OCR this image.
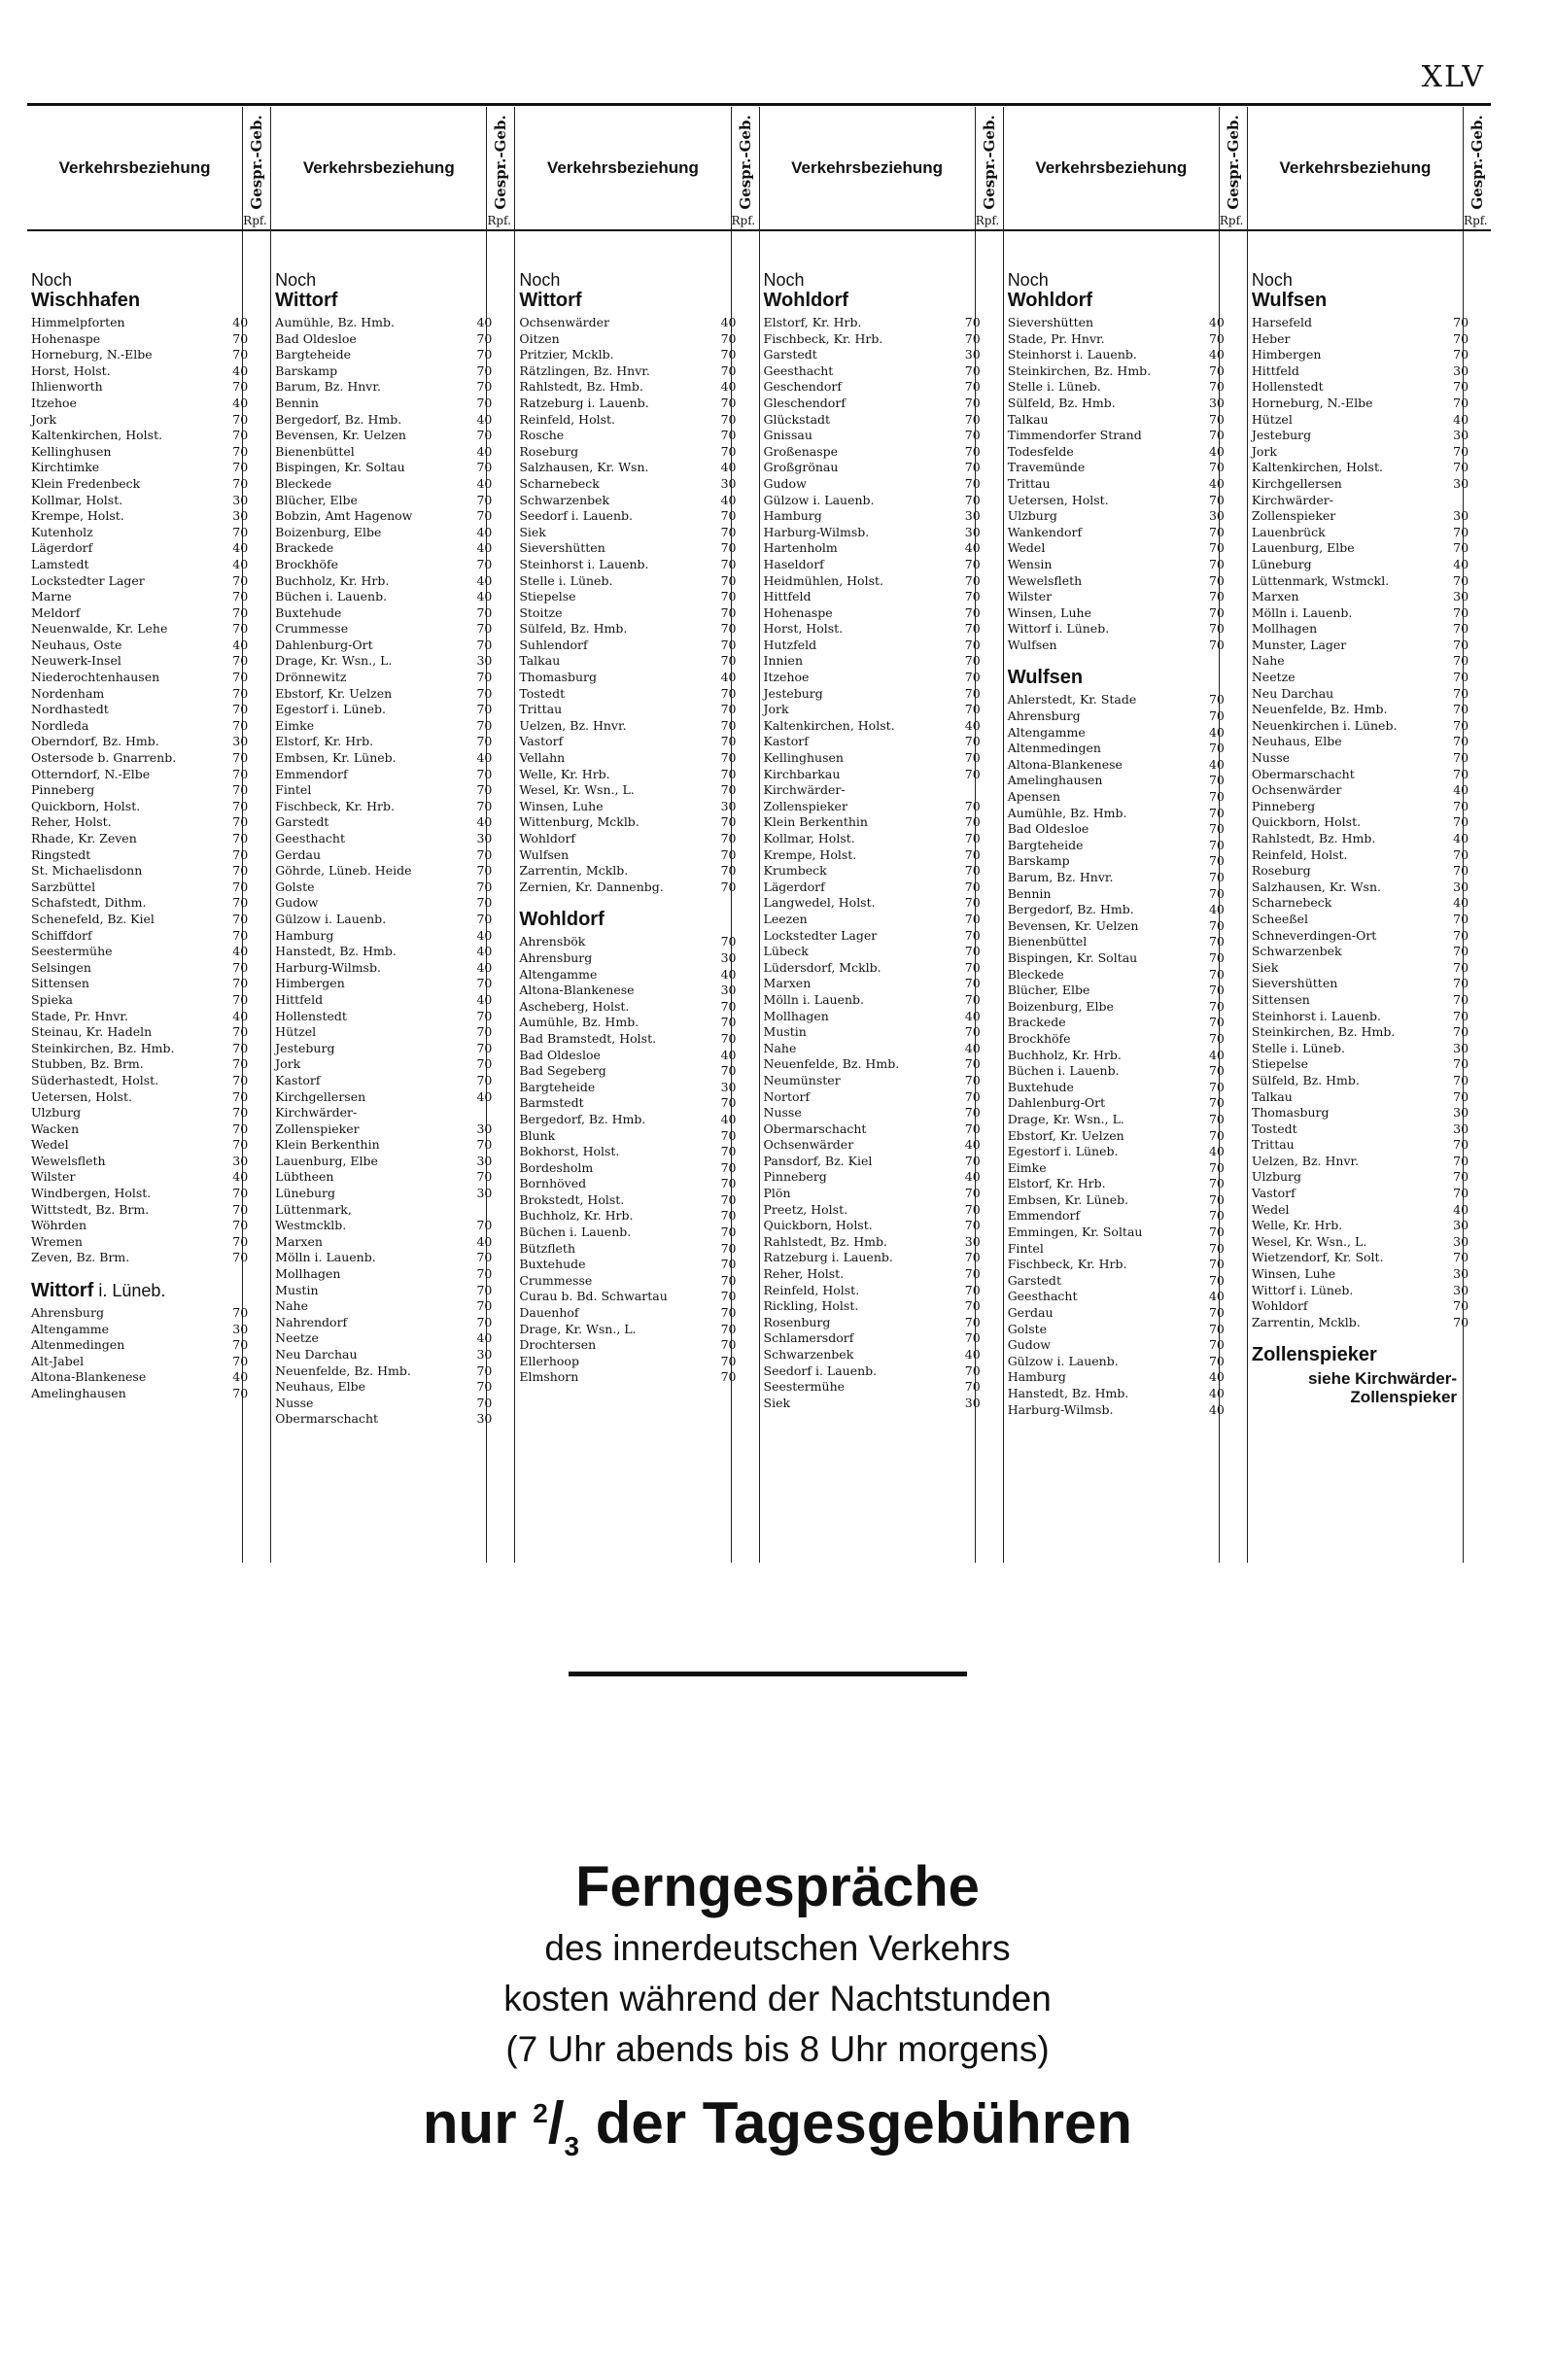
XLV
Verkehrsbeziehung	Gespr.-Geb.
Rpf.
Noch
Wischhafen
Himmelpforten	40
Hohenaspe	70
Horneburg, N.-Elbe	70
Horst, Holst.	40
Ihlienworth	70
Itzehoe	40
Jork	70
Kaltenkirchen, Holst.	70
Kellinghusen	70
Kirchtimke	70
Klein Fredenbeck	70
Kollmar, Holst.	30
Krempe, Holst.	30
Kutenholz	70
Lägerdorf	40
Lamstedt	40
Lockstedter Lager	70
Marne	70
Meldorf	70
Neuenwalde, Kr. Lehe	70
Neuhaus, Oste	40
Neuwerk-Insel	70
Niederochtenhausen	70
Nordenham	70
Nordhastedt	70
Nordleda	70
Oberndorf, Bz. Hmb.	30
Ostersode b. Gnarrenb.	70
Otterndorf, N.-Elbe	70
Pinneberg	70
Quickborn, Holst.	70
Reher, Holst.	70
Rhade, Kr. Zeven	70
Ringstedt	70
St. Michaelisdonn	70
Sarzbüttel	70
Schafstedt, Dithm.	70
Schenefeld, Bz. Kiel	70
Schiffdorf	70
Seestermühe	40
Selsingen	70
Sittensen	70
Spieka	70
Stade, Pr. Hnvr.	40
Steinau, Kr. Hadeln	70
Steinkirchen, Bz. Hmb.	70
Stubben, Bz. Brm.	70
Süderhastedt, Holst.	70
Uetersen, Holst.	70
Ulzburg	70
Wacken	70
Wedel	70
Wewelsfleth	30
Wilster	40
Windbergen, Holst.	70
Wittstedt, Bz. Brm.	70
Wöhrden	70
Wremen	70
Zeven, Bz. Brm.	70
Wittorf i. Lüneb.
Ahrensburg	70
Altengamme	30
Altenmedingen	70
Alt-Jabel	70
Altona-Blankenese	40
Amelinghausen	70
Verkehrsbeziehung	Gespr.-Geb.
Rpf.
Noch
Wittorf
Aumühle, Bz. Hmb.	40
Bad Oldesloe	70
Bargteheide	70
Barskamp	70
Barum, Bz. Hnvr.	70
Bennin	70
Bergedorf, Bz. Hmb.	40
Bevensen, Kr. Uelzen	70
Bienenbüttel	40
Bispingen, Kr. Soltau	70
Bleckede	40
Blücher, Elbe	70
Bobzin, Amt Hagenow	70
Boizenburg, Elbe	40
Brackede	40
Brockhöfe	70
Buchholz, Kr. Hrb.	40
Büchen i. Lauenb.	40
Buxtehude	70
Crummesse	70
Dahlenburg-Ort	70
Drage, Kr. Wsn., L.	30
Drönnewitz	70
Ebstorf, Kr. Uelzen	70
Egestorf i. Lüneb.	70
Eimke	70
Elstorf, Kr. Hrb.	70
Embsen, Kr. Lüneb.	40
Emmendorf	70
Fintel	70
Fischbeck, Kr. Hrb.	70
Garstedt	40
Geesthacht	30
Gerdau	70
Göhrde, Lüneb. Heide	70
Golste	70
Gudow	70
Gülzow i. Lauenb.	70
Hamburg	40
Hanstedt, Bz. Hmb.	40
Harburg-Wilmsb.	40
Himbergen	70
Hittfeld	40
Hollenstedt	70
Hützel	70
Jesteburg	70
Jork	70
Kastorf	70
Kirchgellersen	40
Kirchwärder-
Zollenspieker	30
Klein Berkenthin	70
Lauenburg, Elbe	30
Lübtheen	70
Lüneburg	30
Lüttenmark,
Westmcklb.	70
Marxen	40
Mölln i. Lauenb.	70
Mollhagen	70
Mustin	70
Nahe	70
Nahrendorf	70
Neetze	40
Neu Darchau	30
Neuenfelde, Bz. Hmb.	70
Neuhaus, Elbe	70
Nusse	70
Obermarschacht	30
Verkehrsbeziehung	Gespr.-Geb.
Rpf.
Noch
Wittorf
Ochsenwärder	40
Oitzen	70
Pritzier, Mcklb.	70
Rätzlingen, Bz. Hnvr.	70
Rahlstedt, Bz. Hmb.	40
Ratzeburg i. Lauenb.	70
Reinfeld, Holst.	70
Rosche	70
Roseburg	70
Salzhausen, Kr. Wsn.	40
Scharnebeck	30
Schwarzenbek	40
Seedorf i. Lauenb.	70
Siek	70
Sievershütten	70
Steinhorst i. Lauenb.	70
Stelle i. Lüneb.	70
Stiepelse	70
Stoitze	70
Sülfeld, Bz. Hmb.	70
Suhlendorf	70
Talkau	70
Thomasburg	40
Tostedt	70
Trittau	70
Uelzen, Bz. Hnvr.	70
Vastorf	70
Vellahn	70
Welle, Kr. Hrb.	70
Wesel, Kr. Wsn., L.	70
Winsen, Luhe	30
Wittenburg, Mcklb.	70
Wohldorf	70
Wulfsen	70
Zarrentin, Mcklb.	70
Zernien, Kr. Dannenbg.	70
Wohldorf
Ahrensbök	70
Ahrensburg	30
Altengamme	40
Altona-Blankenese	30
Ascheberg, Holst.	70
Aumühle, Bz. Hmb.	70
Bad Bramstedt, Holst.	70
Bad Oldesloe	40
Bad Segeberg	70
Bargteheide	30
Barmstedt	70
Bergedorf, Bz. Hmb.	40
Blunk	70
Bokhorst, Holst.	70
Bordesholm	70
Bornhöved	70
Brokstedt, Holst.	70
Buchholz, Kr. Hrb.	70
Büchen i. Lauenb.	70
Bützfleth	70
Buxtehude	70
Crummesse	70
Curau b. Bd. Schwartau	70
Dauenhof	70
Drage, Kr. Wsn., L.	70
Drochtersen	70
Ellerhoop	70
Elmshorn	70
Verkehrsbeziehung	Gespr.-Geb.
Rpf.
Noch
Wohldorf
Elstorf, Kr. Hrb.	70
Fischbeck, Kr. Hrb.	70
Garstedt	30
Geesthacht	70
Geschendorf	70
Gleschendorf	70
Glückstadt	70
Gnissau	70
Großenaspe	70
Großgrönau	70
Gudow	70
Gülzow i. Lauenb.	70
Hamburg	30
Harburg-Wilmsb.	30
Hartenholm	40
Haseldorf	70
Heidmühlen, Holst.	70
Hittfeld	70
Hohenaspe	70
Horst, Holst.	70
Hutzfeld	70
Innien	70
Itzehoe	70
Jesteburg	70
Jork	70
Kaltenkirchen, Holst.	40
Kastorf	70
Kellinghusen	70
Kirchbarkau	70
Kirchwärder-
Zollenspieker	70
Klein Berkenthin	70
Kollmar, Holst.	70
Krempe, Holst.	70
Krumbeck	70
Lägerdorf	70
Langwedel, Holst.	70
Leezen	70
Lockstedter Lager	70
Lübeck	70
Lüdersdorf, Mcklb.	70
Marxen	70
Mölln i. Lauenb.	70
Mollhagen	40
Mustin	70
Nahe	40
Neuenfelde, Bz. Hmb.	70
Neumünster	70
Nortorf	70
Nusse	70
Obermarschacht	70
Ochsenwärder	40
Pansdorf, Bz. Kiel	70
Pinneberg	40
Plön	70
Preetz, Holst.	70
Quickborn, Holst.	70
Rahlstedt, Bz. Hmb.	30
Ratzeburg i. Lauenb.	70
Reher, Holst.	70
Reinfeld, Holst.	70
Rickling, Holst.	70
Rosenburg	70
Schlamersdorf	70
Schwarzenbek	40
Seedorf i. Lauenb.	70
Seestermühe	70
Siek	30
Verkehrsbeziehung	Gespr.-Geb.
Rpf.
Noch
Wohldorf
Sievershütten	40
Stade, Pr. Hnvr.	70
Steinhorst i. Lauenb.	40
Steinkirchen, Bz. Hmb.	70
Stelle i. Lüneb.	70
Sülfeld, Bz. Hmb.	30
Talkau	70
Timmendorfer Strand	70
Todesfelde	40
Travemünde	70
Trittau	40
Uetersen, Holst.	70
Ulzburg	30
Wankendorf	70
Wedel	70
Wensin	70
Wewelsfleth	70
Wilster	70
Winsen, Luhe	70
Wittorf i. Lüneb.	70
Wulfsen	70
Wulfsen
Ahlerstedt, Kr. Stade	70
Ahrensburg	70
Altengamme	40
Altenmedingen	70
Altona-Blankenese	40
Amelinghausen	70
Apensen	70
Aumühle, Bz. Hmb.	70
Bad Oldesloe	70
Bargteheide	70
Barskamp	70
Barum, Bz. Hnvr.	70
Bennin	70
Bergedorf, Bz. Hmb.	40
Bevensen, Kr. Uelzen	70
Bienenbüttel	70
Bispingen, Kr. Soltau	70
Bleckede	70
Blücher, Elbe	70
Boizenburg, Elbe	70
Brackede	70
Brockhöfe	70
Buchholz, Kr. Hrb.	40
Büchen i. Lauenb.	70
Buxtehude	70
Dahlenburg-Ort	70
Drage, Kr. Wsn., L.	70
Ebstorf, Kr. Uelzen	70
Egestorf i. Lüneb.	40
Eimke	70
Elstorf, Kr. Hrb.	70
Embsen, Kr. Lüneb.	70
Emmendorf	70
Emmingen, Kr. Soltau	70
Fintel	70
Fischbeck, Kr. Hrb.	70
Garstedt	70
Geesthacht	40
Gerdau	70
Golste	70
Gudow	70
Gülzow i. Lauenb.	70
Hamburg	40
Hanstedt, Bz. Hmb.	40
Harburg-Wilmsb.	40
Verkehrsbeziehung	Gespr.-Geb.
Rpf.
Noch
Wulfsen
Harsefeld	70
Heber	70
Himbergen	70
Hittfeld	30
Hollenstedt	70
Horneburg, N.-Elbe	70
Hützel	40
Jesteburg	30
Jork	70
Kaltenkirchen, Holst.	70
Kirchgellersen	30
Kirchwärder-
Zollenspieker	30
Lauenbrück	70
Lauenburg, Elbe	70
Lüneburg	40
Lüttenmark, Wstmckl.	70
Marxen	30
Mölln i. Lauenb.	70
Mollhagen	70
Munster, Lager	70
Nahe	70
Neetze	70
Neu Darchau	70
Neuenfelde, Bz. Hmb.	70
Neuenkirchen i. Lüneb.	70
Neuhaus, Elbe	70
Nusse	70
Obermarschacht	70
Ochsenwärder	40
Pinneberg	70
Quickborn, Holst.	70
Rahlstedt, Bz. Hmb.	40
Reinfeld, Holst.	70
Roseburg	70
Salzhausen, Kr. Wsn.	30
Scharnebeck	40
Scheeßel	70
Schneverdingen-Ort	70
Schwarzenbek	70
Siek	70
Sievershütten	70
Sittensen	70
Steinhorst i. Lauenb.	70
Steinkirchen, Bz. Hmb.	70
Stelle i. Lüneb.	30
Stiepelse	70
Sülfeld, Bz. Hmb.	70
Talkau	70
Thomasburg	30
Tostedt	30
Trittau	70
Uelzen, Bz. Hnvr.	70
Ulzburg	70
Vastorf	70
Wedel	40
Welle, Kr. Hrb.	30
Wesel, Kr. Wsn., L.	30
Wietzendorf, Kr. Solt.	70
Winsen, Luhe	30
Wittorf i. Lüneb.	30
Wohldorf	70
Zarrentin, Mcklb.	70
Zollenspieker
siehe Kirchwärder-
Zollenspieker
Ferngespräche
des innerdeutschen Verkehrs
kosten während der Nachtstunden
(7 Uhr abends bis 8 Uhr morgens)
nur $^2/_3$ der Tagesgebühren
